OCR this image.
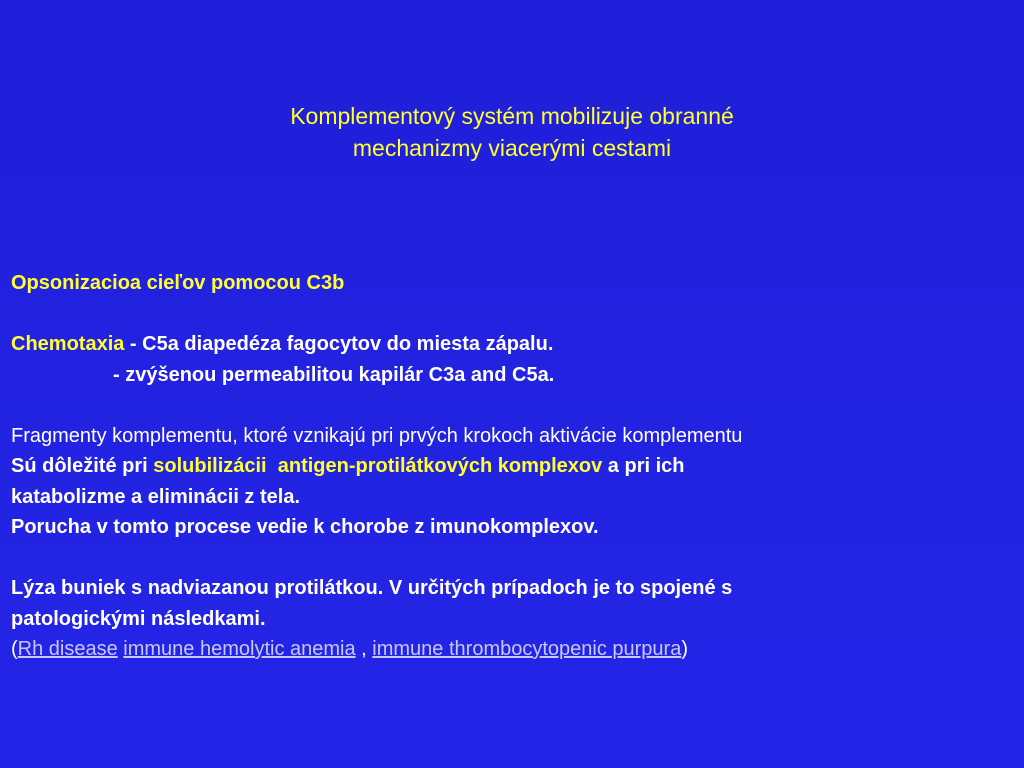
Komplementový systém mobilizuje obranné
mechanizmy viacerými cestami
Opsonizacioa cieľov pomocou C3b
Chemotaxia - C5a diapedéza fagocytov do miesta zápalu.
- zvýšenou permeabilitou kapilár C3a and C5a.
Fragmenty komplementu, ktoré vznikajú pri prvých krokoch aktivácie komplementu
Sú dôležité pri solubilizácii antigen-protilátkových komplexov a pri ich
katabolizme a eliminácii z tela.
Porucha v tomto procese vedie k chorobe z imunokomplexov.
Lýza buniek s nadviazanou protilátkou. V určitých prípadoch je to spojené s
patologickými následkami.
(Rh disease immune hemolytic anemia , immune thrombocytopenic purpura)
